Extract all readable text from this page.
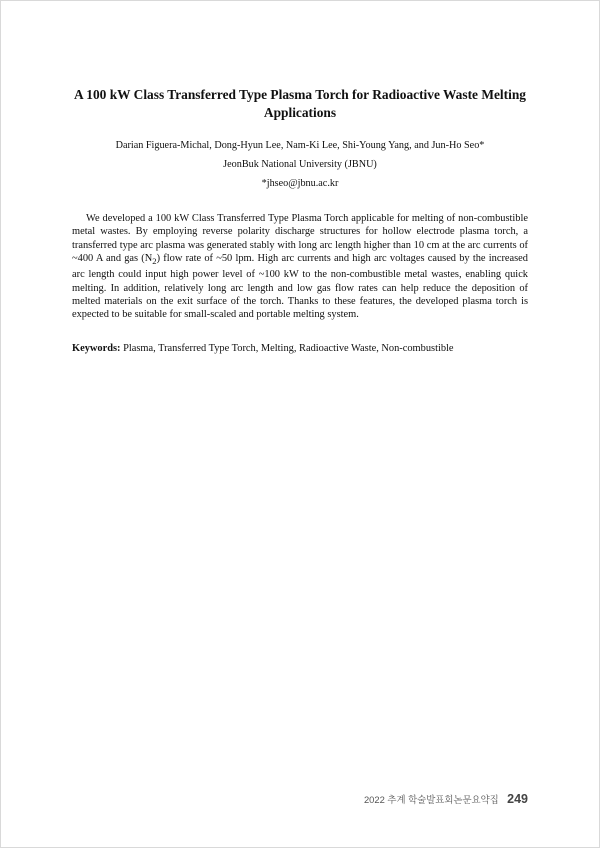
A 100 kW Class Transferred Type Plasma Torch for Radioactive Waste Melting Applications
Darian Figuera-Michal, Dong-Hyun Lee, Nam-Ki Lee, Shi-Young Yang, and Jun-Ho Seo*
JeonBuk National University (JBNU)
*jhseo@jbnu.ac.kr

We developed a 100 kW Class Transferred Type Plasma Torch applicable for melting of non-combustible metal wastes. By employing reverse polarity discharge structures for hollow electrode plasma torch, a transferred type arc plasma was generated stably with long arc length higher than 10 cm at the arc currents of ~400 A and gas $(N_2)$ flow rate of ~50 lpm. High arc currents and high arc voltages caused by the increased arc length could input high power level of ~100 kW to the non-combustible metal wastes, enabling quick melting. In addition, relatively long arc length and low gas flow rates can help reduce the deposition of melted materials on the exit surface of the torch. Thanks to these features, the developed plasma torch is expected to be suitable for small-scaled and portable melting system.

Keywords: Plasma, Transferred Type Torch, Melting, Radioactive Waste, Non-combustible

2022 추계 학술발표회논문요약집 249
